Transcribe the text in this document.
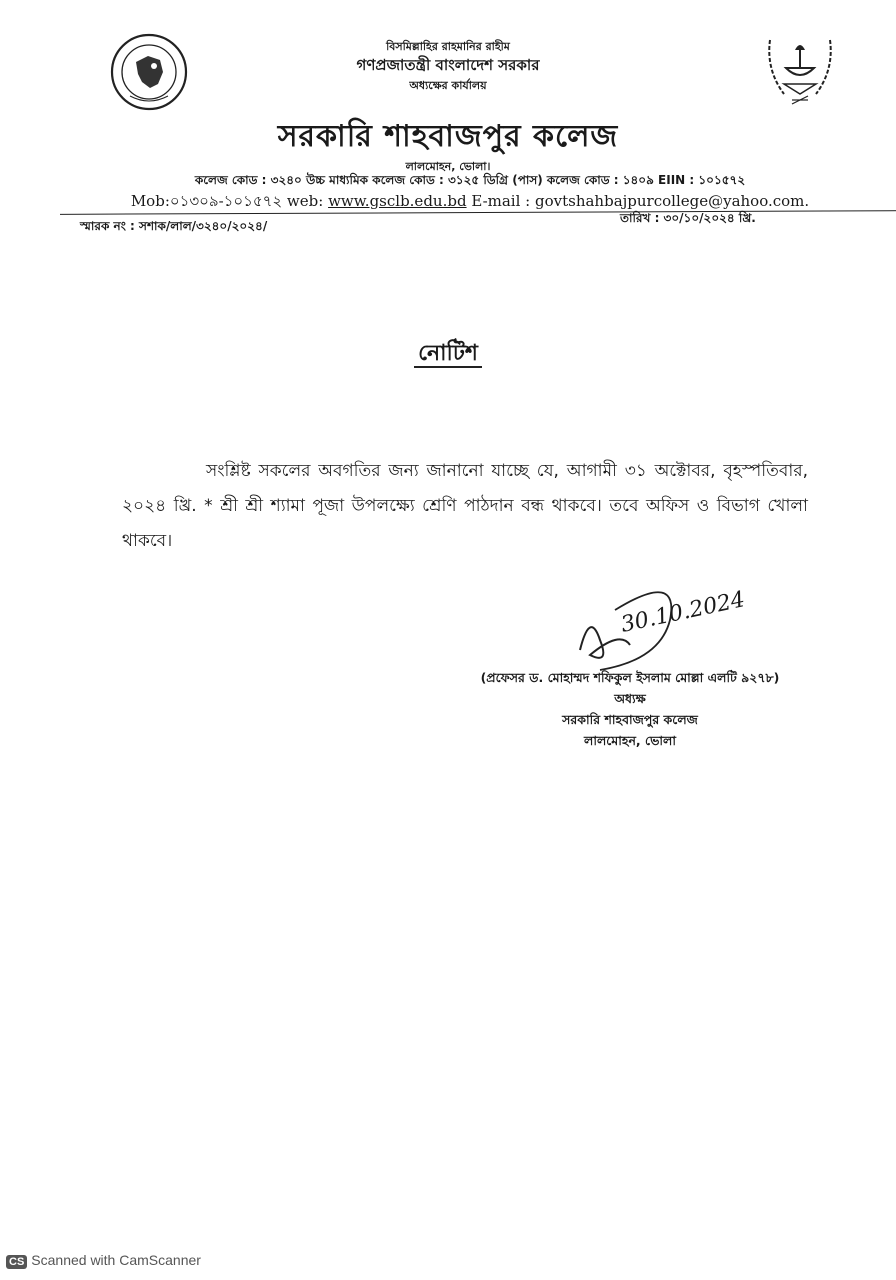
বিসমিল্লাহির রাহমানির রাহীম
গণপ্রজাতন্ত্রী বাংলাদেশ সরকার
অধ্যক্ষের কার্যালয়
সরকারি শাহবাজপুর কলেজ
লালমোহন, ভোলা।
কলেজ কোড : ৩২৪০ উচ্চ মাধ্যমিক কলেজ কোড : ৩১২৫ ডিগ্রি (পাস) কলেজ কোড : ১৪০৯ EIIN : ১০১৫৭২
Mob:০১৩০৯-১০১৫৭২ web: www.gsclb.edu.bd E-mail : govtshahbajpurcollege@yahoo.com.
স্মারক নং : সশাক/লাল/৩২৪০/২০২৪/
তারিখ : ৩০/১০/২০২৪ খ্রি.
নোটিশ

সংশ্লিষ্ট সকলের অবগতির জন্য জানানো যাচ্ছে যে, আগামী ৩১ অক্টোবর, বৃহস্পতিবার, ২০২৪ খ্রি. * শ্রী শ্রী শ্যামা পূজা উপলক্ষ্যে শ্রেণি পাঠদান বন্ধ থাকবে। তবে অফিস ও বিভাগ খোলা থাকবে।

30.10.2024
(প্রফেসর ড. মোহাম্মদ শফিকুল ইসলাম মোল্লা এলটি ৯২৭৮)
অধ্যক্ষ
সরকারি শাহবাজপুর কলেজ
লালমোহন, ভোলা
CS Scanned with CamScanner
